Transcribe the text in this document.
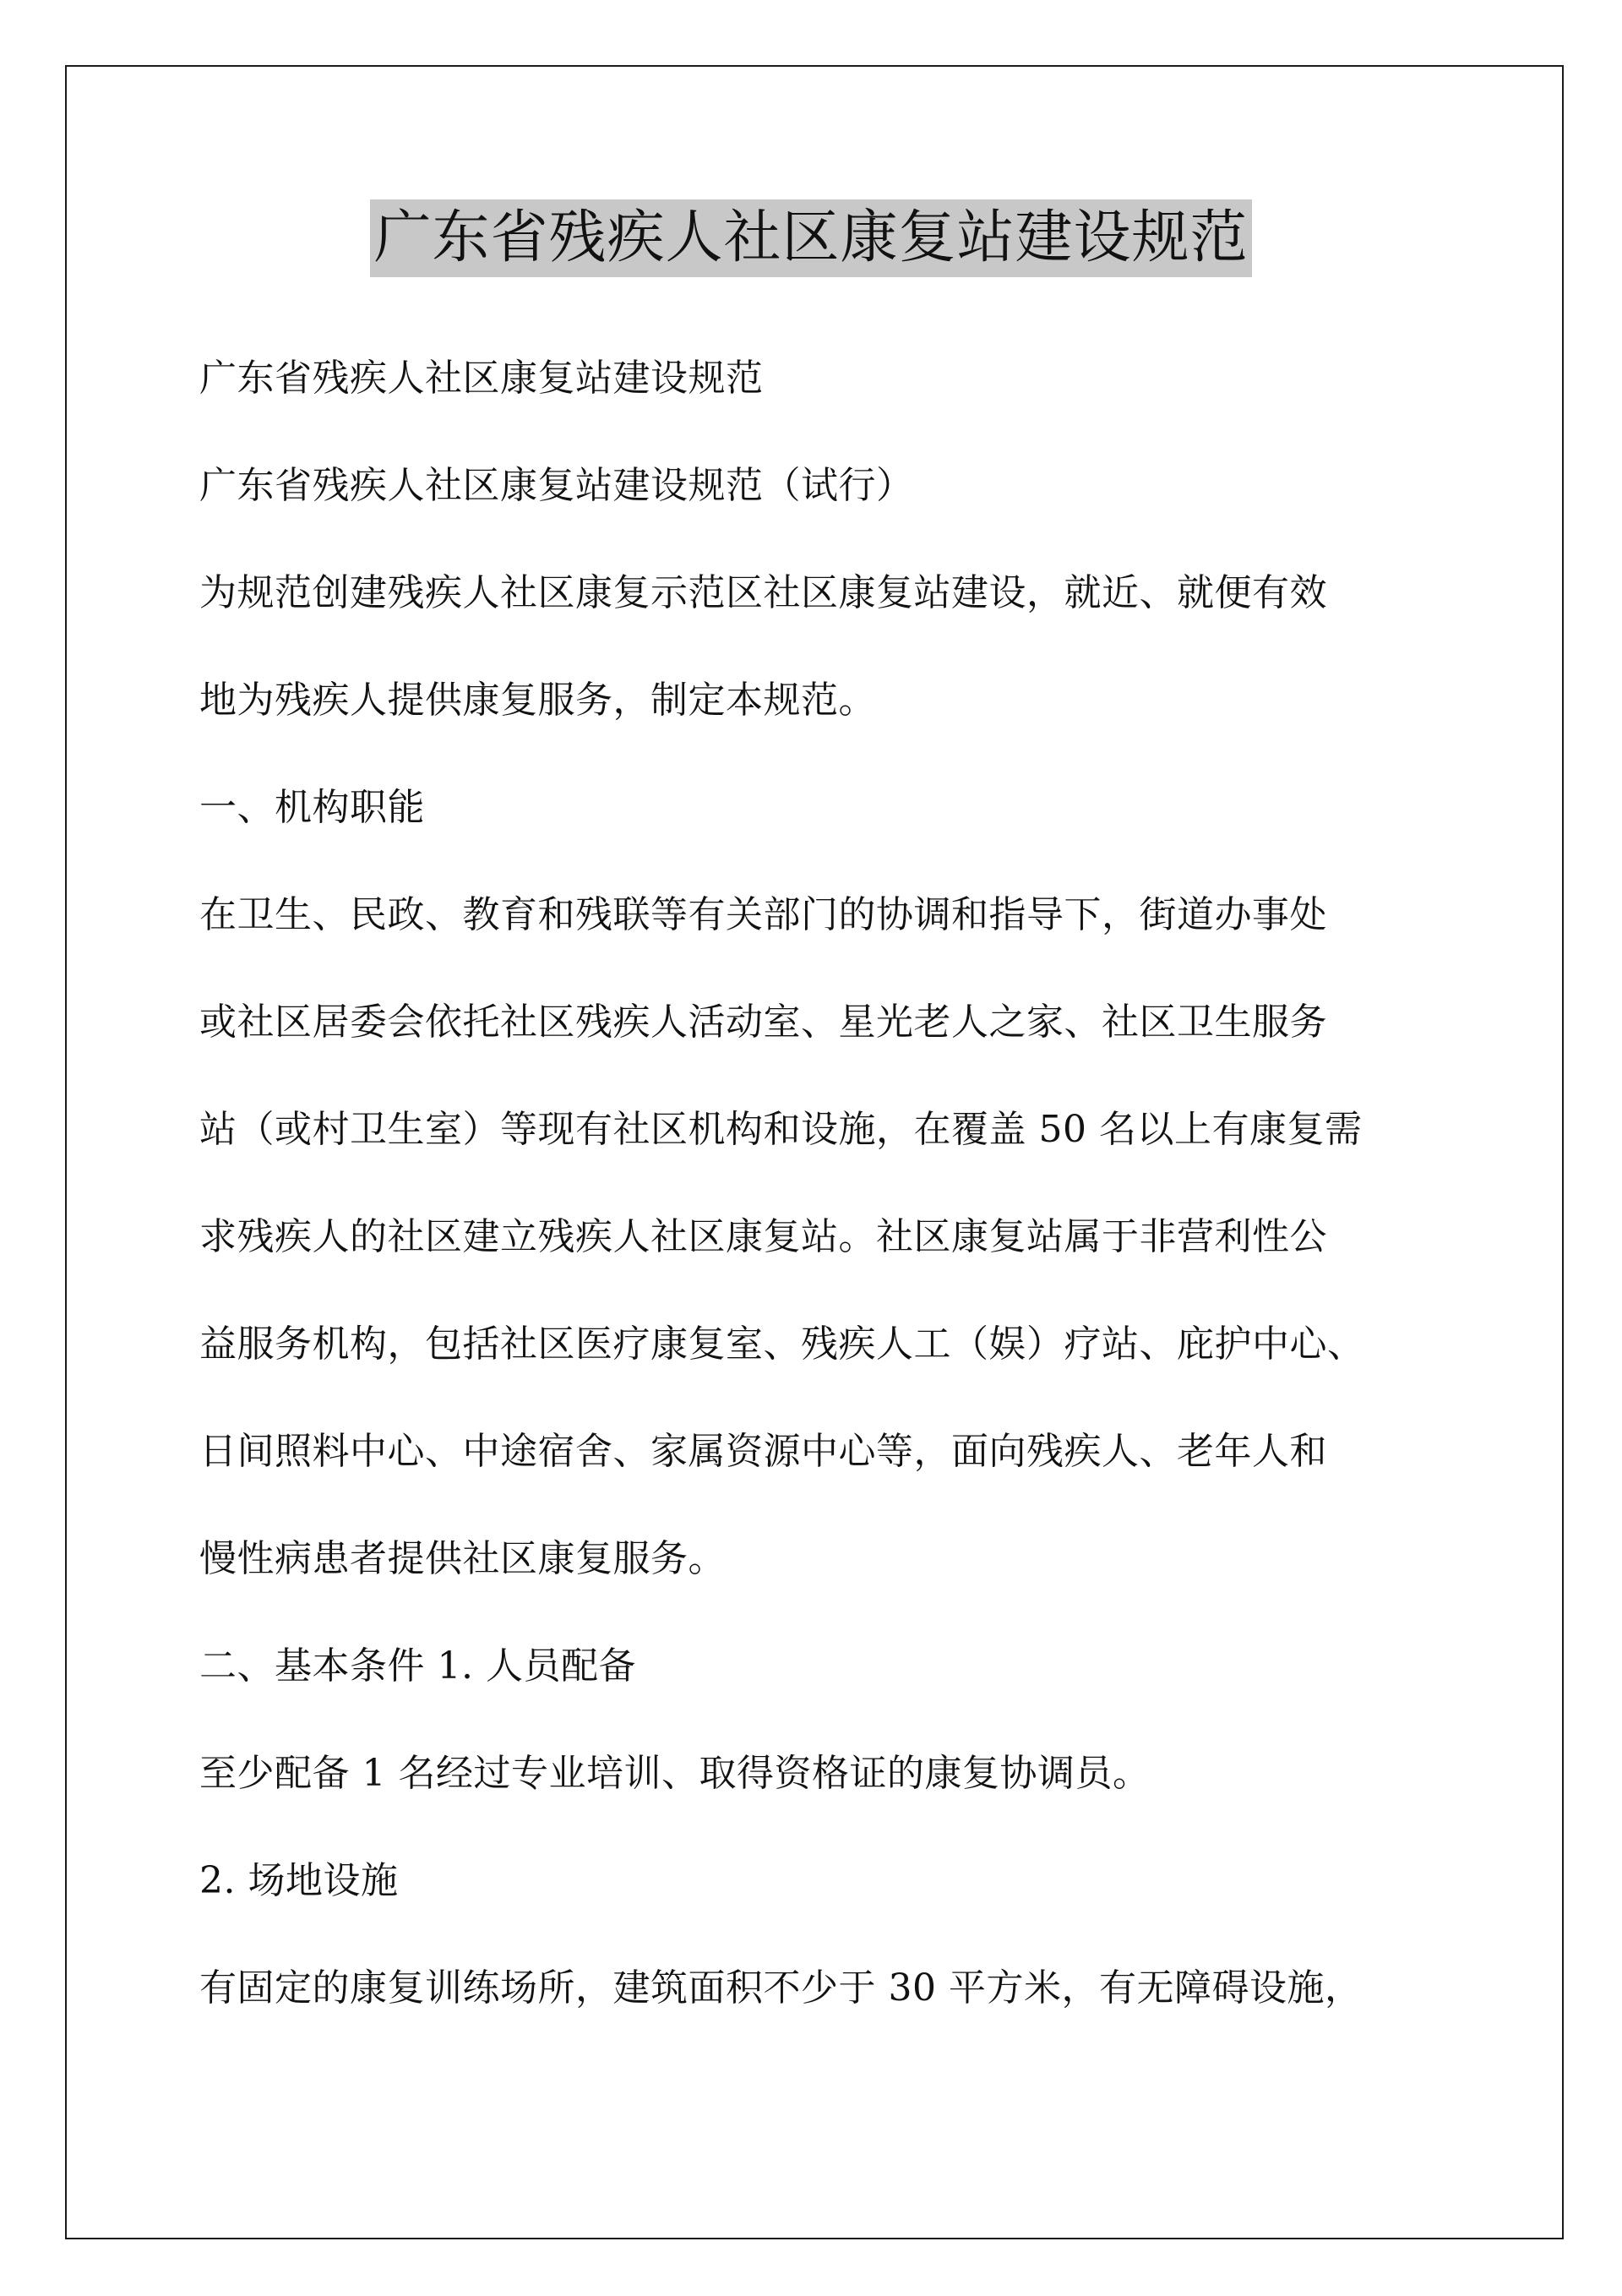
广东省残疾人社区康复站建设规范
广东省残疾人社区康复站建设规范
广东省残疾人社区康复站建设规范（试行）
为规范创建残疾人社区康复示范区社区康复站建设，就近、就便有效
地为残疾人提供康复服务，制定本规范。
一、机构职能
在卫生、民政、教育和残联等有关部门的协调和指导下，街道办事处
或社区居委会依托社区残疾人活动室、星光老人之家、社区卫生服务
站（或村卫生室）等现有社区机构和设施，在覆盖 50 名以上有康复需
求残疾人的社区建立残疾人社区康复站。社区康复站属于非营利性公
益服务机构，包括社区医疗康复室、残疾人工（娱）疗站、庇护中心、
日间照料中心、中途宿舍、家属资源中心等，面向残疾人、老年人和
慢性病患者提供社区康复服务。
二、基本条件 1. 人员配备
至少配备 1 名经过专业培训、取得资格证的康复协调员。
2. 场地设施
有固定的康复训练场所，建筑面积不少于 30 平方米，有无障碍设施，
